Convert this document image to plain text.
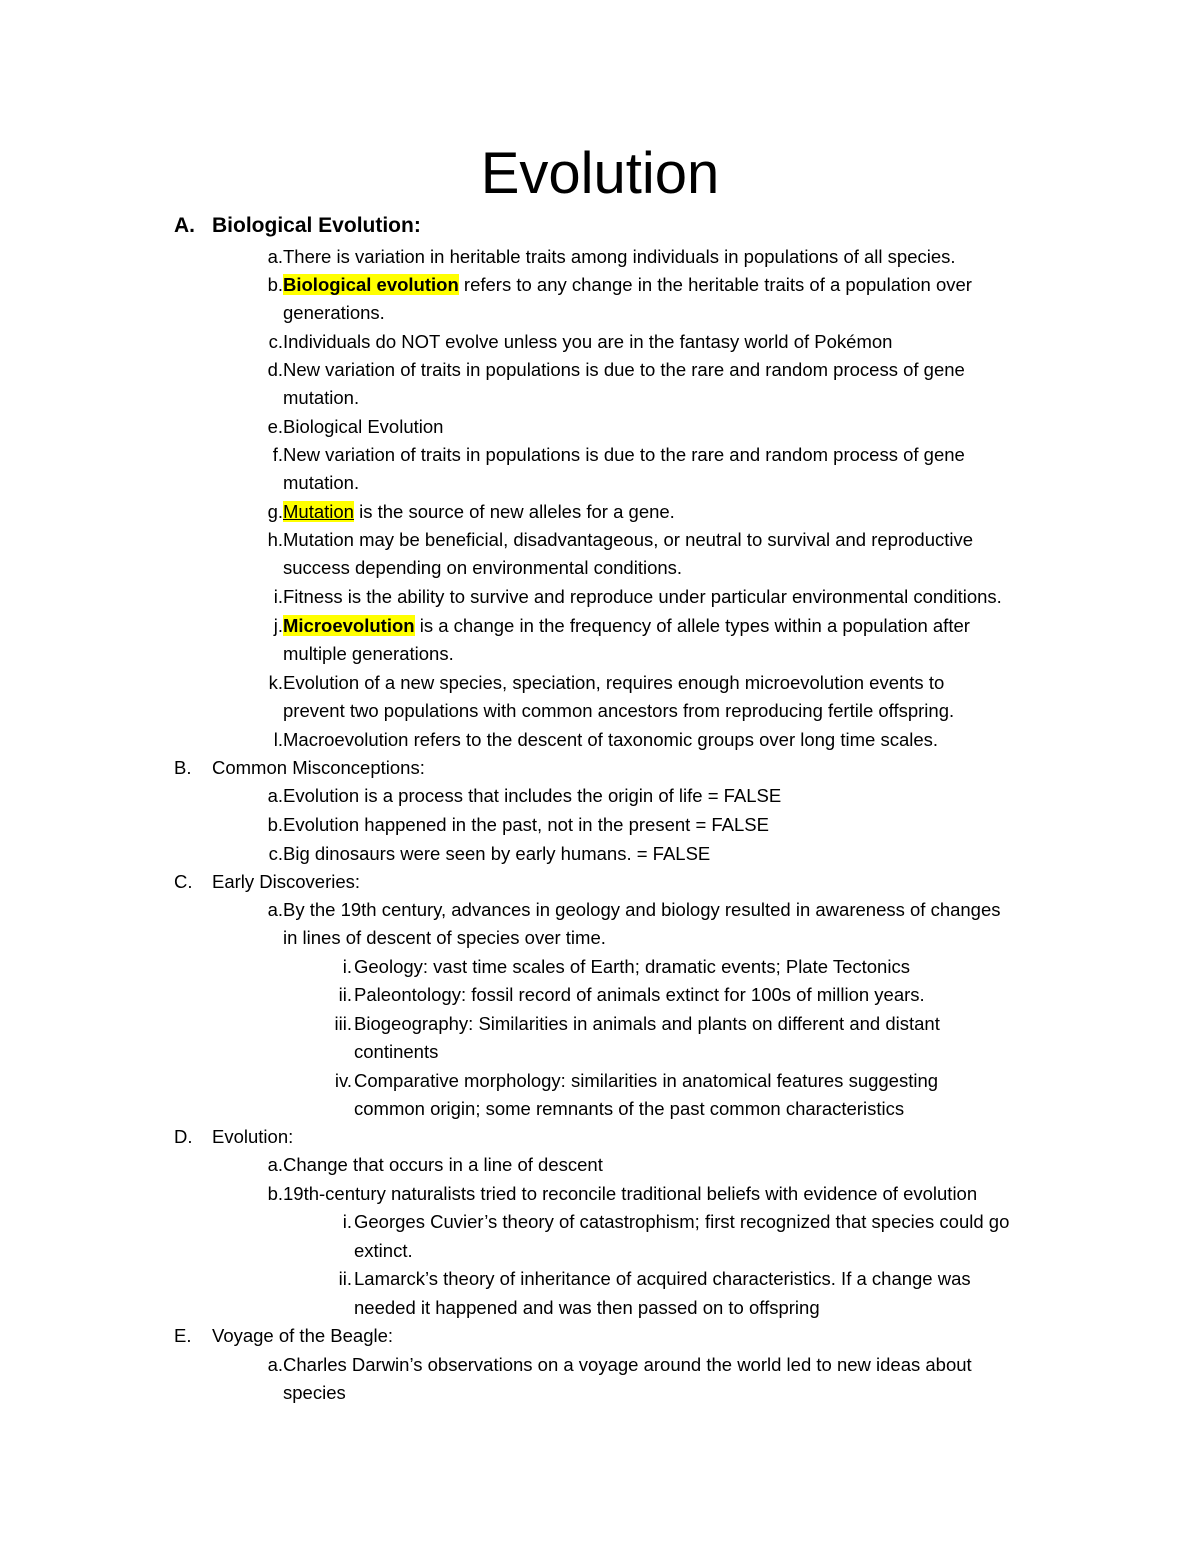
Evolution
A. Biological Evolution:
a. There is variation in heritable traits among individuals in populations of all species.
b. Biological evolution refers to any change in the heritable traits of a population over
generations.
c. Individuals do NOT evolve unless you are in the fantasy world of Pokémon
d. New variation of traits in populations is due to the rare and random process of gene
mutation.
e. Biological Evolution
f. New variation of traits in populations is due to the rare and random process of gene
mutation.
g. Mutation is the source of new alleles for a gene.
h. Mutation may be beneficial, disadvantageous, or neutral to survival and reproductive
success depending on environmental conditions.
i. Fitness is the ability to survive and reproduce under particular environmental conditions.
j. Microevolution is a change in the frequency of allele types within a population after
multiple generations.
k. Evolution of a new species, speciation, requires enough microevolution events to
prevent two populations with common ancestors from reproducing fertile offspring.
l. Macroevolution refers to the descent of taxonomic groups over long time scales.
B.	Common Misconceptions:
a. Evolution is a process that includes the origin of life = FALSE
b. Evolution happened in the past, not in the present = FALSE
c. Big dinosaurs were seen by early humans. = FALSE
C.	Early Discoveries:
a. By the 19th century, advances in geology and biology resulted in awareness of changes
in lines of descent of species over time.
i. Geology: vast time scales of Earth; dramatic events; Plate Tectonics
ii. Paleontology: fossil record of animals extinct for 100s of million years.
iii. Biogeography: Similarities in animals and plants on different and distant
continents
iv. Comparative morphology: similarities in anatomical features suggesting
common origin; some remnants of the past common characteristics
D.	Evolution:
a. Change that occurs in a line of descent
b. 19th-century naturalists tried to reconcile traditional beliefs with evidence of evolution
i. Georges Cuvier’s theory of catastrophism; first recognized that species could go
extinct.
ii. Lamarck’s theory of inheritance of acquired characteristics. If a change was
needed it happened and was then passed on to offspring
E.	Voyage of the Beagle:
a. Charles Darwin’s observations on a voyage around the world led to new ideas about
species
